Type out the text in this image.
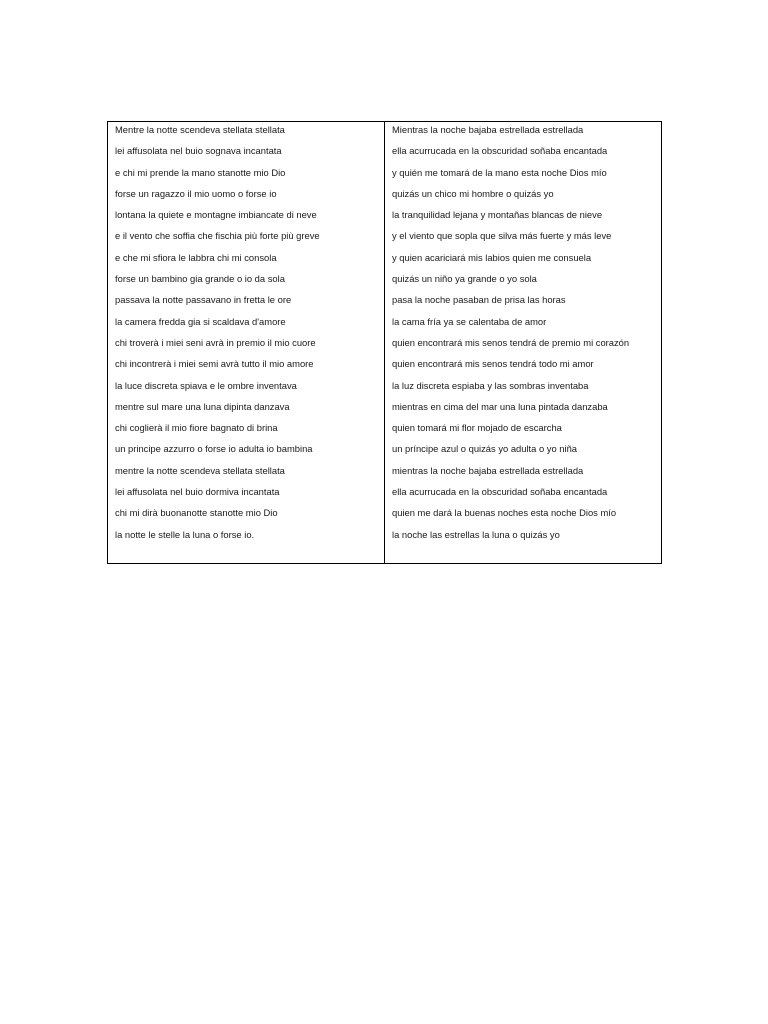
Mentre la notte scendeva stellata stellata
lei affusolata nel buio sognava incantata
e chi mi prende la mano stanotte mio Dio
forse un ragazzo il mio uomo o forse io
lontana la quiete e montagne imbiancate di neve
e il vento che soffia che fischia più forte più greve
e che mi sfiora le labbra chi mi consola
forse un bambino gia grande o io da sola
passava la notte passavano in fretta le ore
la camera fredda gia si scaldava d'amore
chi troverà i miei seni avrà in premio il mio cuore
chi incontrerà i miei semi avrà tutto il mio amore
la luce discreta spiava e le ombre inventava
mentre sul mare una luna dipinta danzava
chi coglierà il mio fiore bagnato di brina
un principe azzurro o forse io adulta io bambina
mentre la notte scendeva stellata stellata
lei affusolata nel buio dormiva incantata
chi mi dirà buonanotte stanotte mio Dio
la notte le stelle la luna o forse io.
Mientras la noche bajaba estrellada estrellada
ella acurrucada en la obscuridad soñaba encantada
y quién me tomará de la mano esta noche Dios mío
quizás un chico mi hombre o quizás yo
la tranquilidad lejana y montañas blancas de nieve
y el viento que sopla que silva más fuerte y más leve
y quien acariciará mis labios quien me consuela
quizás un niño ya grande o yo sola
pasa la noche pasaban de prisa las horas
la cama fría ya se calentaba de amor
quien encontrará mis senos tendrá de premio mi corazón
quien encontrará mis senos tendrá todo mi amor
la luz discreta espiaba y las sombras inventaba
mientras en cima del mar una luna pintada danzaba
quien tomará mi flor mojado de escarcha
un príncipe azul o quizás yo adulta o yo niña
mientras la noche bajaba estrellada estrellada
ella acurrucada en la obscuridad soñaba encantada
quien me dará la buenas noches esta noche Dios mío
la noche las estrellas la luna o quizás yo
